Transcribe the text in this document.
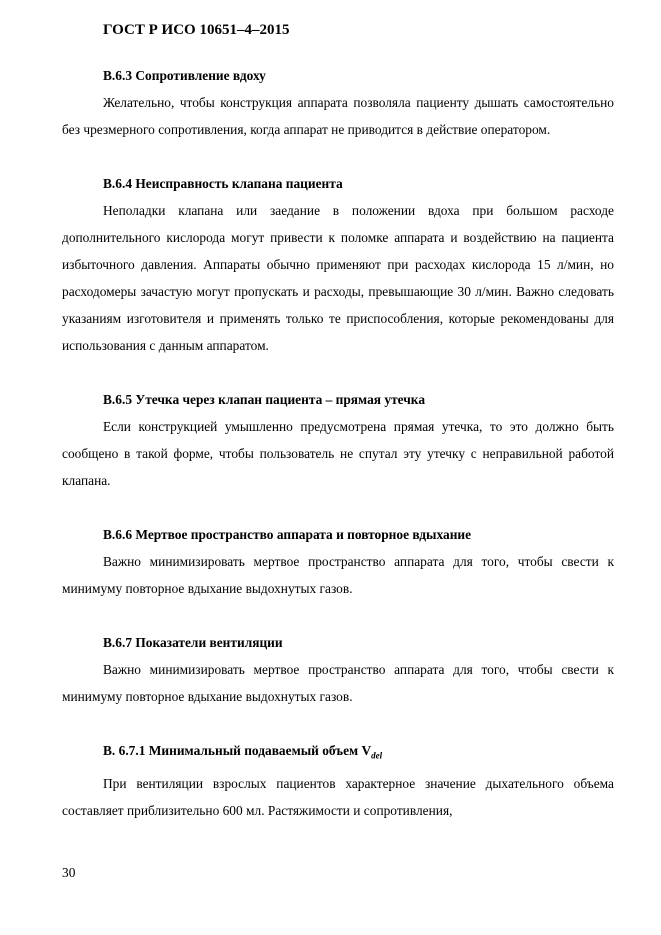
ГОСТ Р ИСО 10651–4–2015

В.6.3 Сопротивление вдоху

Желательно, чтобы конструкция аппарата позволяла пациенту дышать самостоятельно без чрезмерного сопротивления, когда аппарат не приводится в действие оператором.

В.6.4 Неисправность клапана пациента

Неполадки клапана или заедание в положении вдоха при большом расходе дополнительного кислорода могут привести к поломке аппарата и воздействию на пациента избыточного давления. Аппараты обычно применяют при расходах кислорода 15 л/мин, но расходомеры зачастую могут пропускать и расходы, превышающие 30 л/мин. Важно следовать указаниям изготовителя и применять только те приспособления, которые рекомендованы для использования с данным аппаратом.

В.6.5 Утечка через клапан пациента – прямая утечка

Если конструкцией умышленно предусмотрена прямая утечка, то это должно быть сообщено в такой форме, чтобы пользователь не спутал эту утечку с неправильной работой клапана.

В.6.6 Мертвое пространство аппарата и повторное вдыхание

Важно минимизировать мертвое пространство аппарата для того, чтобы свести к минимуму повторное вдыхание выдохнутых газов.

В.6.7 Показатели вентиляции

Важно минимизировать мертвое пространство аппарата для того, чтобы свести к минимуму повторное вдыхание выдохнутых газов.

В. 6.7.1 Минимальный подаваемый объем $V_{del}$

При вентиляции взрослых пациентов характерное значение дыхательного объема составляет приблизительно 600 мл. Растяжимости и сопротивления,

30
